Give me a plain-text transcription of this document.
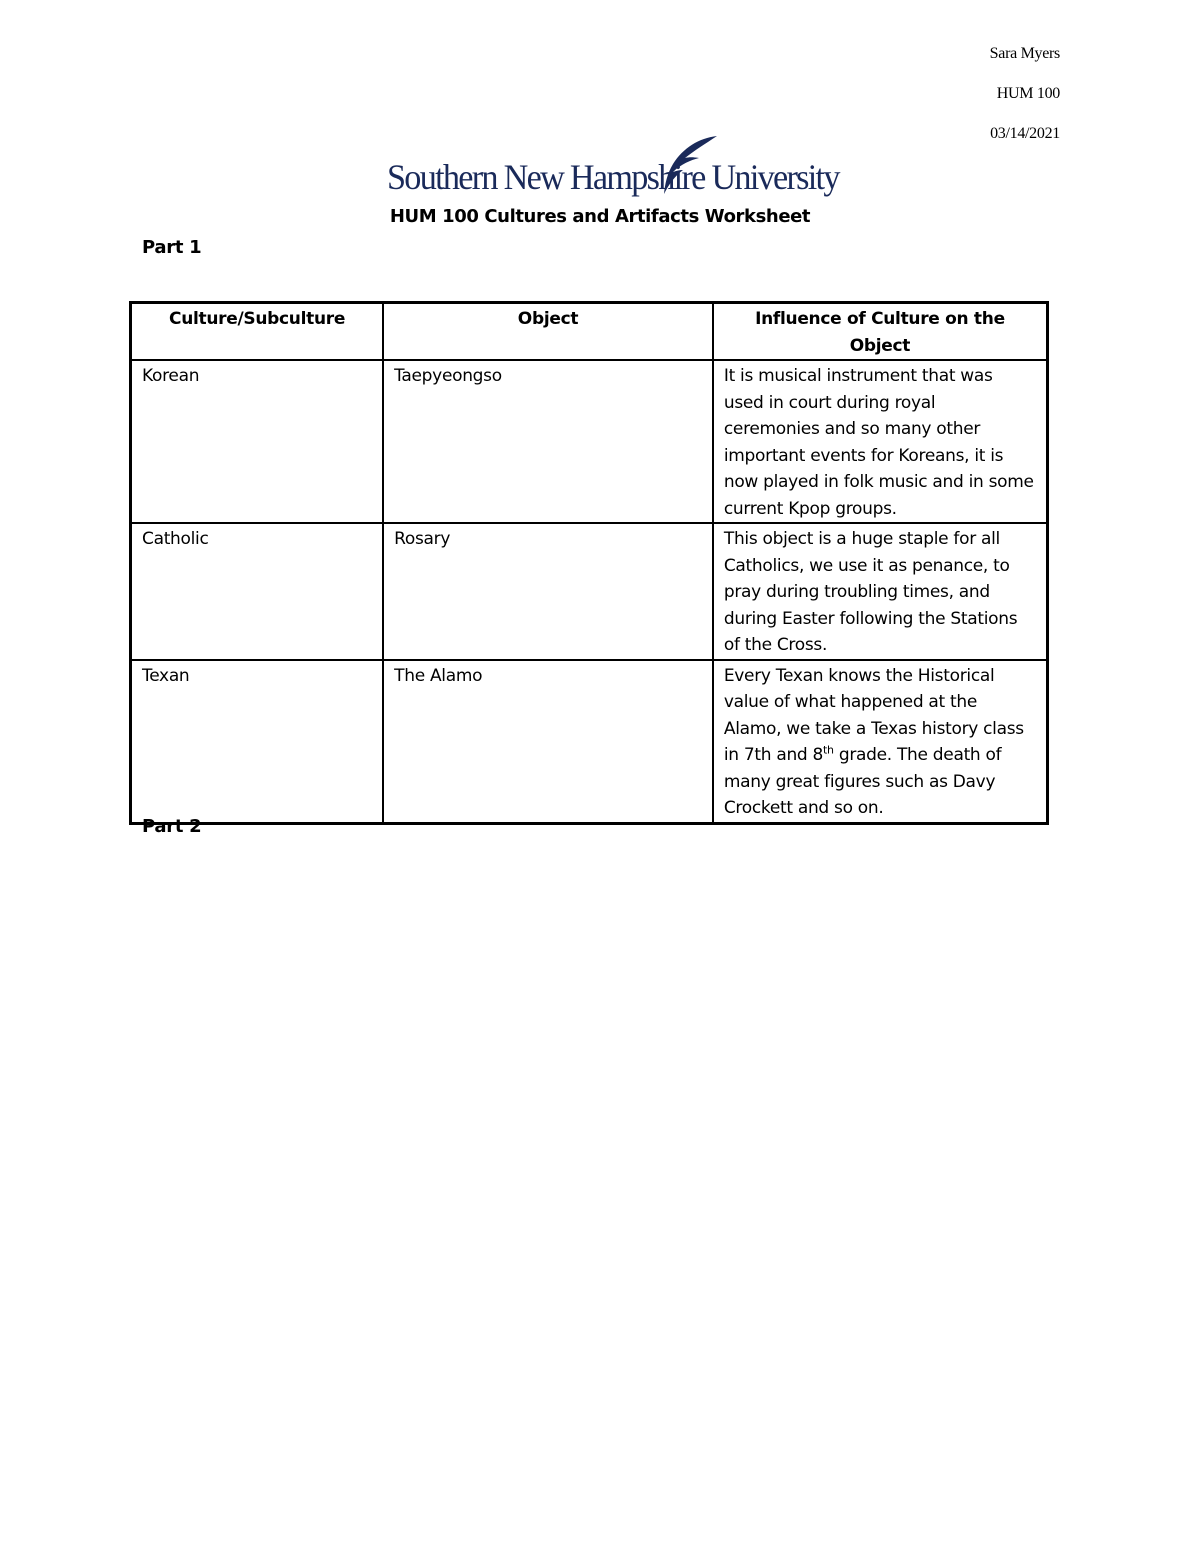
Sara Myers
HUM 100
03/14/2021
Southern New Hampshire University
HUM 100 Cultures and Artifacts Worksheet
Part 1
Culture/Subculture	Object	Influence of Culture on the Object
Korean	Taepyeongso	It is musical instrument that was used in court during royal ceremonies and so many other important events for Koreans, it is now played in folk music and in some current Kpop groups.
Catholic	Rosary	This object is a huge staple for all Catholics, we use it as penance, to pray during troubling times, and during Easter following the Stations of the Cross.
Texan	The Alamo	Every Texan knows the Historical value of what happened at the Alamo, we take a Texas history class in 7th and 8th grade. The death of many great figures such as Davy Crockett and so on.
Part 2
